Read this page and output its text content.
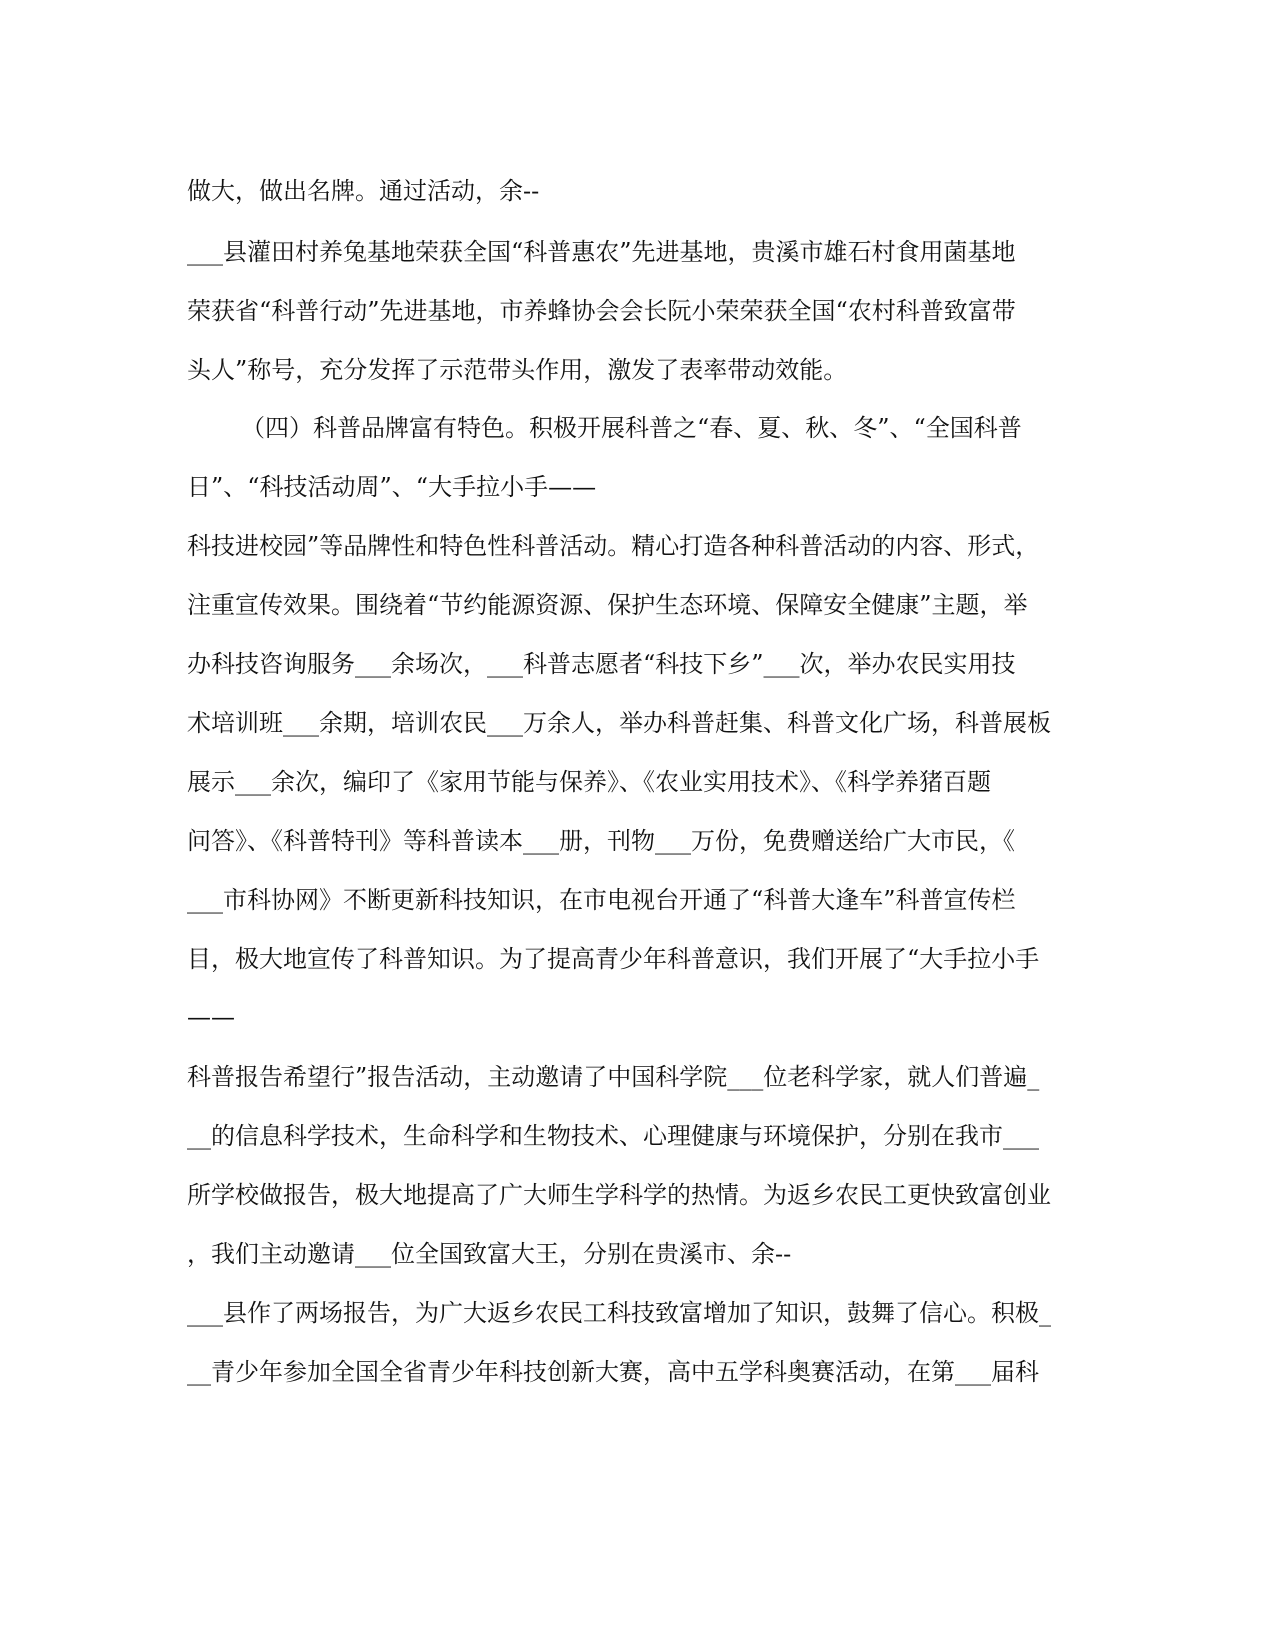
做大，做出名牌。通过活动，余--

___县灌田村养兔基地荣获全国“科普惠农”先进基地，贵溪市雄石村食用菌基地

荣获省“科普行动”先进基地，市养蜂协会会长阮小荣荣获全国“农村科普致富带

头人”称号，充分发挥了示范带头作用，激发了表率带动效能。

（四）科普品牌富有特色。积极开展科普之“春、夏、秋、冬”、“全国科普

日”、“科技活动周”、“大手拉小手——

科技进校园”等品牌性和特色性科普活动。精心打造各种科普活动的内容、形式，

注重宣传效果。围绕着“节约能源资源、保护生态环境、保障安全健康”主题，举

办科技咨询服务___余场次，___科普志愿者“科技下乡”___次，举办农民实用技

术培训班___余期，培训农民___万余人，举办科普赶集、科普文化广场，科普展板

展示___余次，编印了《家用节能与保养》、《农业实用技术》、《科学养猪百题

问答》、《科普特刊》等科普读本___册，刊物___万份，免费赠送给广大市民，《

___市科协网》不断更新科技知识，在市电视台开通了“科普大逢车”科普宣传栏

目，极大地宣传了科普知识。为了提高青少年科普意识，我们开展了“大手拉小手

——

科普报告希望行”报告活动，主动邀请了中国科学院___位老科学家，就人们普遍_

__的信息科学技术，生命科学和生物技术、心理健康与环境保护，分别在我市___

所学校做报告，极大地提高了广大师生学科学的热情。为返乡农民工更快致富创业

，我们主动邀请___位全国致富大王，分别在贵溪市、余--

___县作了两场报告，为广大返乡农民工科技致富增加了知识，鼓舞了信心。积极_

__青少年参加全国全省青少年科技创新大赛，高中五学科奥赛活动，在第___届科
